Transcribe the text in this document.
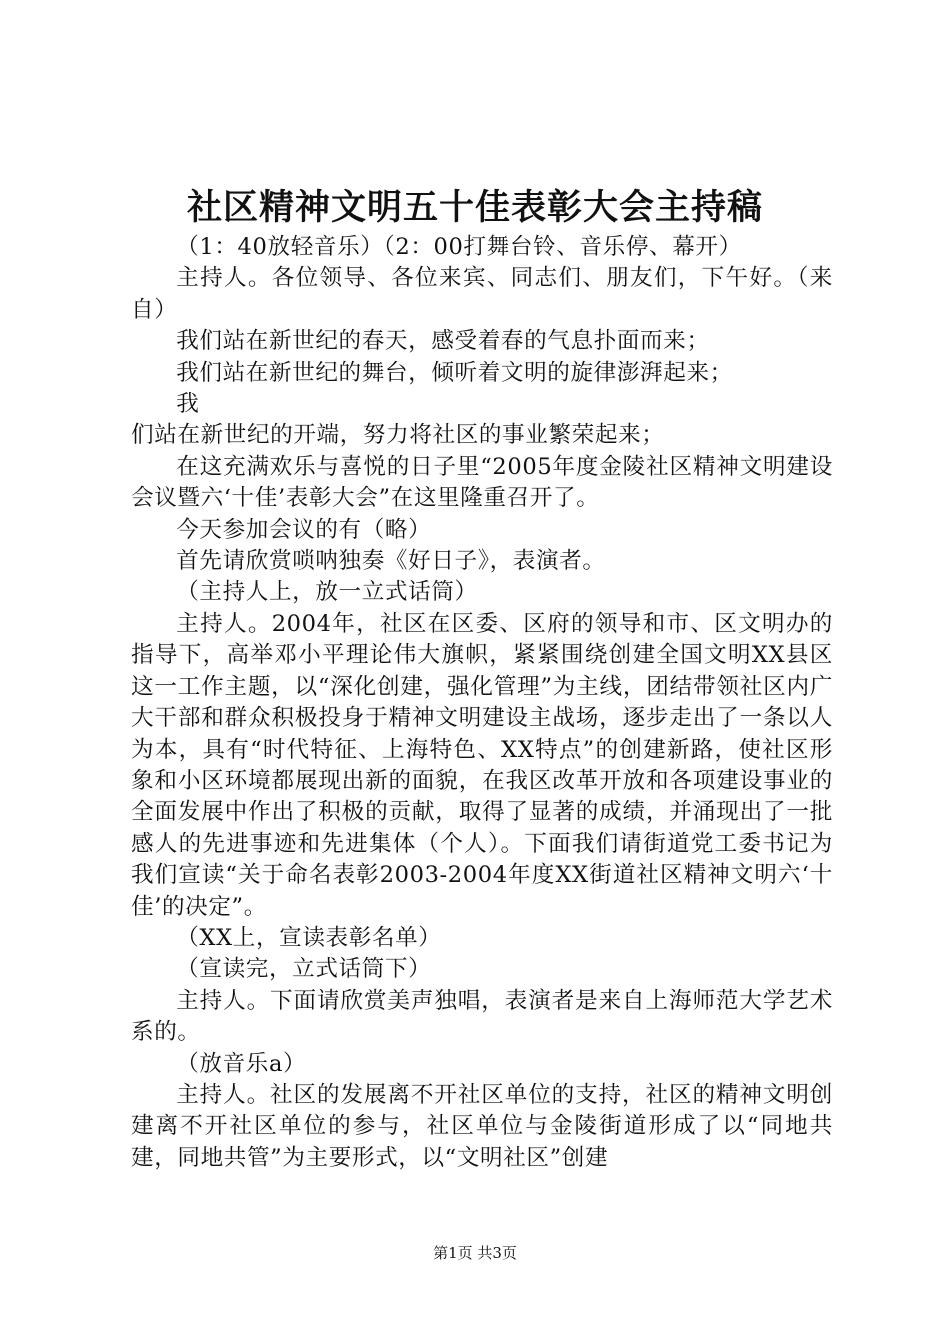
社区精神文明五十佳表彰大会主持稿

（1：40放轻音乐）（2：00打舞台铃、音乐停、幕开）

主持人。各位领导、各位来宾、同志们、朋友们，下午好。（来自）

我们站在新世纪的春天，感受着春的气息扑面而来；

我们站在新世纪的舞台，倾听着文明的旋律澎湃起来；

我

们站在新世纪的开端，努力将社区的事业繁荣起来；

在这充满欢乐与喜悦的日子里“2005年度金陵社区精神文明建设会议暨六‘十佳’表彰大会”在这里隆重召开了。

今天参加会议的有（略）

首先请欣赏唢呐独奏《好日子》，表演者。

（主持人上，放一立式话筒）

主持人。2004年，社区在区委、区府的领导和市、区文明办的指导下，高举邓小平理论伟大旗帜，紧紧围绕创建全国文明XX县区这一工作主题，以“深化创建，强化管理”为主线，团结带领社区内广大干部和群众积极投身于精神文明建设主战场，逐步走出了一条以人为本，具有“时代特征、上海特色、XX特点”的创建新路，使社区形象和小区环境都展现出新的面貌，在我区改革开放和各项建设事业的全面发展中作出了积极的贡献，取得了显著的成绩，并涌现出了一批感人的先进事迹和先进集体（个人）。下面我们请街道党工委书记为我们宣读“关于命名表彰2003-2004年度XX街道社区精神文明六‘十佳’的决定”。

（XX上，宣读表彰名单）

（宣读完，立式话筒下）

主持人。下面请欣赏美声独唱，表演者是来自上海师范大学艺术系的。

（放音乐a）

主持人。社区的发展离不开社区单位的支持，社区的精神文明创建离不开社区单位的参与，社区单位与金陵街道形成了以“同地共建，同地共管”为主要形式，以“文明社区”创建

第1页 共3页
